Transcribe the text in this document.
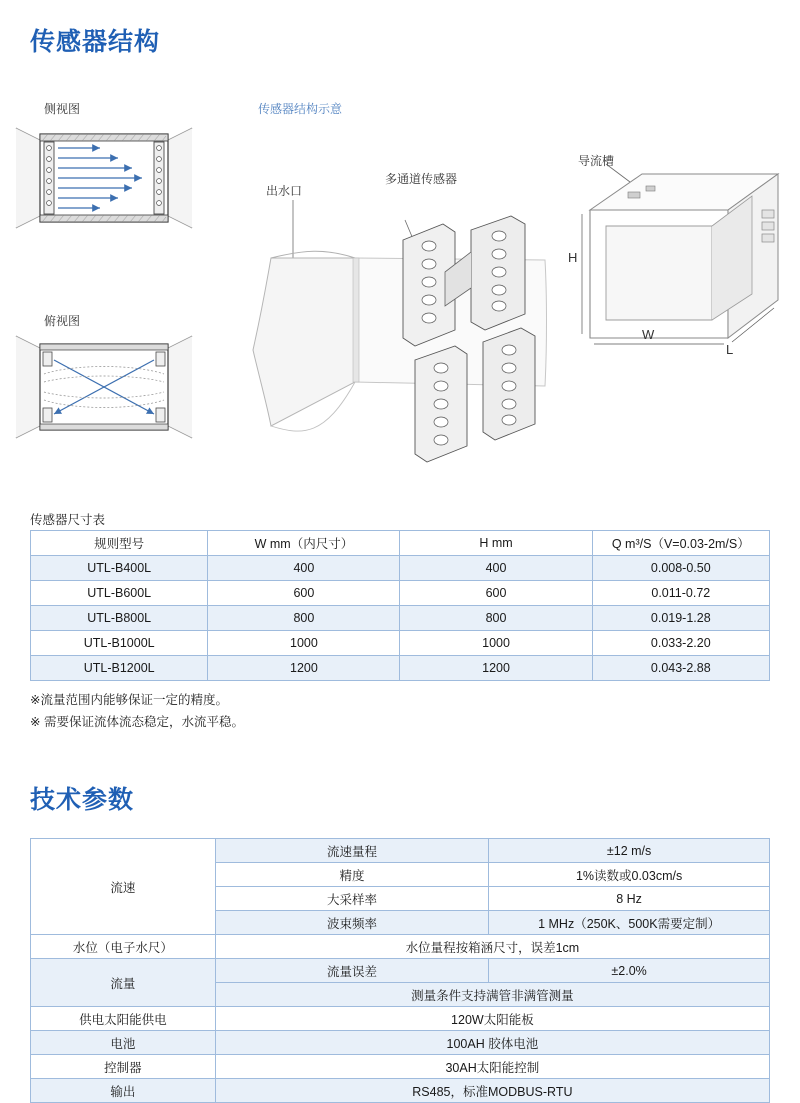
传感器结构
侧视图
俯视图
传感器结构示意
出水口
多通道传感器
导流槽
H
W
L
传感器尺寸表
规则型号	W mm（内尺寸）	H mm	Q m³/S（V=0.03-2m/S）
UTL-B400L	400	400	0.008-0.50
UTL-B600L	600	600	0.011-0.72
UTL-B800L	800	800	0.019-1.28
UTL-B1000L	1000	1000	0.033-2.20
UTL-B1200L	1200	1200	0.043-2.88
※流量范围内能够保证一定的精度。
※ 需要保证流体流态稳定，水流平稳。
技术参数
流速	流速量程	±12 m/s
	精度	1%读数或0.03cm/s
	大采样率	8 Hz
	波束频率	1 MHz（250K、500K需要定制）
水位（电子水尺）	水位量程按箱涵尺寸，误差1cm	
流量	流量误差	±2.0%
	测量条件支持满管非满管测量	
供电太阳能供电	120W太阳能板	
电池	100AH 胶体电池	
控制器	30AH太阳能控制	
输出	RS485，标准MODBUS-RTU	
